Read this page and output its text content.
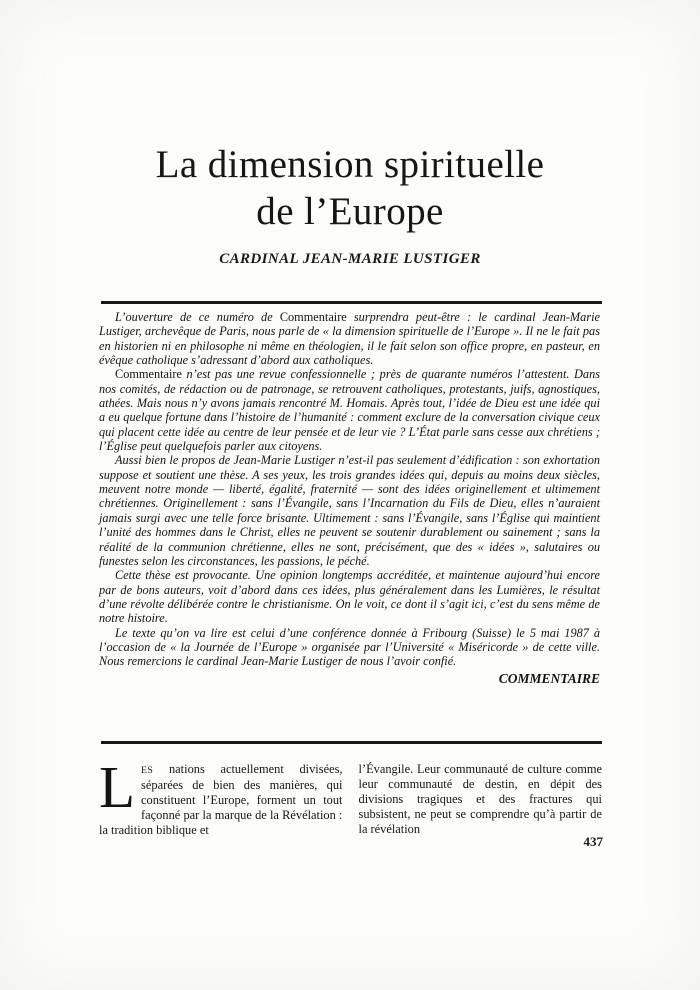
La dimension spirituelle
de l’Europe
CARDINAL JEAN-MARIE LUSTIGER

L’ouverture de ce numéro de Commentaire surprendra peut-être : le cardinal Jean-Marie Lustiger, archevêque de Paris, nous parle de « la dimension spirituelle de l’Europe ». Il ne le fait pas en historien ni en philosophe ni même en théologien, il le fait selon son office propre, en pasteur, en évêque catholique s’adressant d’abord aux catholiques.

Commentaire n’est pas une revue confessionnelle ; près de quarante numéros l’attestent. Dans nos comités, de rédaction ou de patronage, se retrouvent catholiques, protestants, juifs, agnostiques, athées. Mais nous n’y avons jamais rencontré M. Homais. Après tout, l’idée de Dieu est une idée qui a eu quelque fortune dans l’histoire de l’humanité : comment exclure de la conversation civique ceux qui placent cette idée au centre de leur pensée et de leur vie ? L’État parle sans cesse aux chrétiens ; l’Église peut quelquefois parler aux citoyens.

Aussi bien le propos de Jean-Marie Lustiger n’est-il pas seulement d’édification : son exhortation suppose et soutient une thèse. A ses yeux, les trois grandes idées qui, depuis au moins deux siècles, meuvent notre monde — liberté, égalité, fraternité — sont des idées originellement et ultimement chrétiennes. Originellement : sans l’Évangile, sans l’Incarnation du Fils de Dieu, elles n’auraient jamais surgi avec une telle force brisante. Ultimement : sans l’Évangile, sans l’Église qui maintient l’unité des hommes dans le Christ, elles ne peuvent se soutenir durablement ou sainement ; sans la réalité de la communion chrétienne, elles ne sont, précisément, que des « idées », salutaires ou funestes selon les circonstances, les passions, le péché.

Cette thèse est provocante. Une opinion longtemps accréditée, et maintenue aujourd’hui encore par de bons auteurs, voit d’abord dans ces idées, plus généralement dans les Lumières, le résultat d’une révolte délibérée contre le christianisme. On le voit, ce dont il s’agit ici, c’est du sens même de notre histoire.

Le texte qu’on va lire est celui d’une conférence donnée à Fribourg (Suisse) le 5 mai 1987 à l’occasion de « la Journée de l’Europe » organisée par l’Université « Miséricorde » de cette ville. Nous remercions le cardinal Jean-Marie Lustiger de nous l’avoir confié.

COMMENTAIRE

LES nations actuellement divisées, séparées de bien des manières, qui constituent l’Europe, forment un tout façonné par la marque de la Révélation : la tradition biblique et

l’Évangile. Leur communauté de culture comme leur communauté de destin, en dépit des divisions tragiques et des fractures qui subsistent, ne peut se comprendre qu’à partir de la révélation

437
